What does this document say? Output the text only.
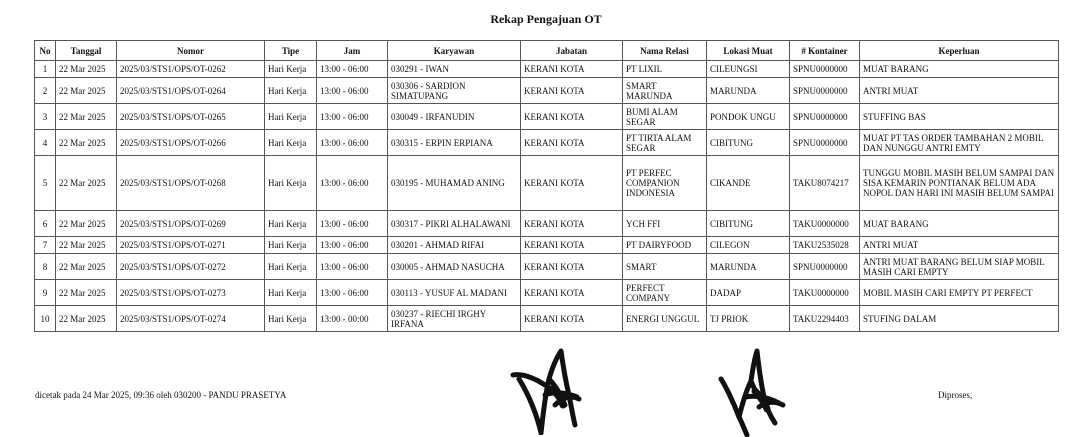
Rekap Pengajuan OT
No	Tanggal	Nomor	Tipe	Jam	Karyawan	Jabatan	Nama Relasi	Lokasi Muat	# Kontainer	Keperluan
1	22 Mar 2025	2025/03/STS1/OPS/OT-0262	Hari Kerja	13:00 - 06:00	030291 - IWAN	KERANI KOTA	PT LIXIL	CILEUNGSI	SPNU0000000	MUAT BARANG
2	22 Mar 2025	2025/03/STS1/OPS/OT-0264	Hari Kerja	13:00 - 06:00	030306 - SARDION SIMATUPANG	KERANI KOTA	SMART MARUNDA	MARUNDA	SPNU0000000	ANTRI MUAT
3	22 Mar 2025	2025/03/STS1/OPS/OT-0265	Hari Kerja	13:00 - 06:00	030049 - IRFANUDIN	KERANI KOTA	BUMI ALAM SEGAR	PONDOK UNGU	SPNU0000000	STUFFING BAS
4	22 Mar 2025	2025/03/STS1/OPS/OT-0266	Hari Kerja	13:00 - 06:00	030315 - ERPIN ERPIANA	KERANI KOTA	PT TIRTA ALAM SEGAR	CIBITUNG	SPNU0000000	MUAT PT TAS ORDER TAMBAHAN 2 MOBIL DAN NUNGGU ANTRI EMTY
5	22 Mar 2025	2025/03/STS1/OPS/OT-0268	Hari Kerja	13:00 - 06:00	030195 - MUHAMAD ANING	KERANI KOTA	PT PERFEC COMPANION INDONESIA	CIKANDE	TAKU8074217	TUNGGU MOBIL MASIH BELUM SAMPAI DAN SISA KEMARIN PONTIANAK BELUM ADA NOPOL DAN HARI INI MASIH BELUM SAMPAI
6	22 Mar 2025	2025/03/STS1/OPS/OT-0269	Hari Kerja	13:00 - 06:00	030317 - PIKRI ALHALAWANI	KERANI KOTA	YCH FFI	CIBITUNG	TAKU0000000	MUAT BARANG
7	22 Mar 2025	2025/03/STS1/OPS/OT-0271	Hari Kerja	13:00 - 06:00	030201 - AHMAD RIFAI	KERANI KOTA	PT DAIRYFOOD	CILEGON	TAKU2535028	ANTRI MUAT
8	22 Mar 2025	2025/03/STS1/OPS/OT-0272	Hari Kerja	13:00 - 06:00	030005 - AHMAD NASUCHA	KERANI KOTA	SMART	MARUNDA	SPNU0000000	ANTRI MUAT BARANG BELUM SIAP MOBIL MASIH CARI EMPTY
9	22 Mar 2025	2025/03/STS1/OPS/OT-0273	Hari Kerja	13:00 - 06:00	030113 - YUSUF AL MADANI	KERANI KOTA	PERFECT COMPANY	DADAP	TAKU0000000	MOBIL MASIH CARI EMPTY PT PERFECT
10	22 Mar 2025	2025/03/STS1/OPS/OT-0274	Hari Kerja	13:00 - 00:00	030237 - RIECHI IRGHY IRFANA	KERANI KOTA	ENERGI UNGGUL	TJ PRIOK	TAKU2294403	STUFING DALAM
dicetak pada 24 Mar 2025, 09:36 oleh 030200 - PANDU PRASETYA	Diproses,
